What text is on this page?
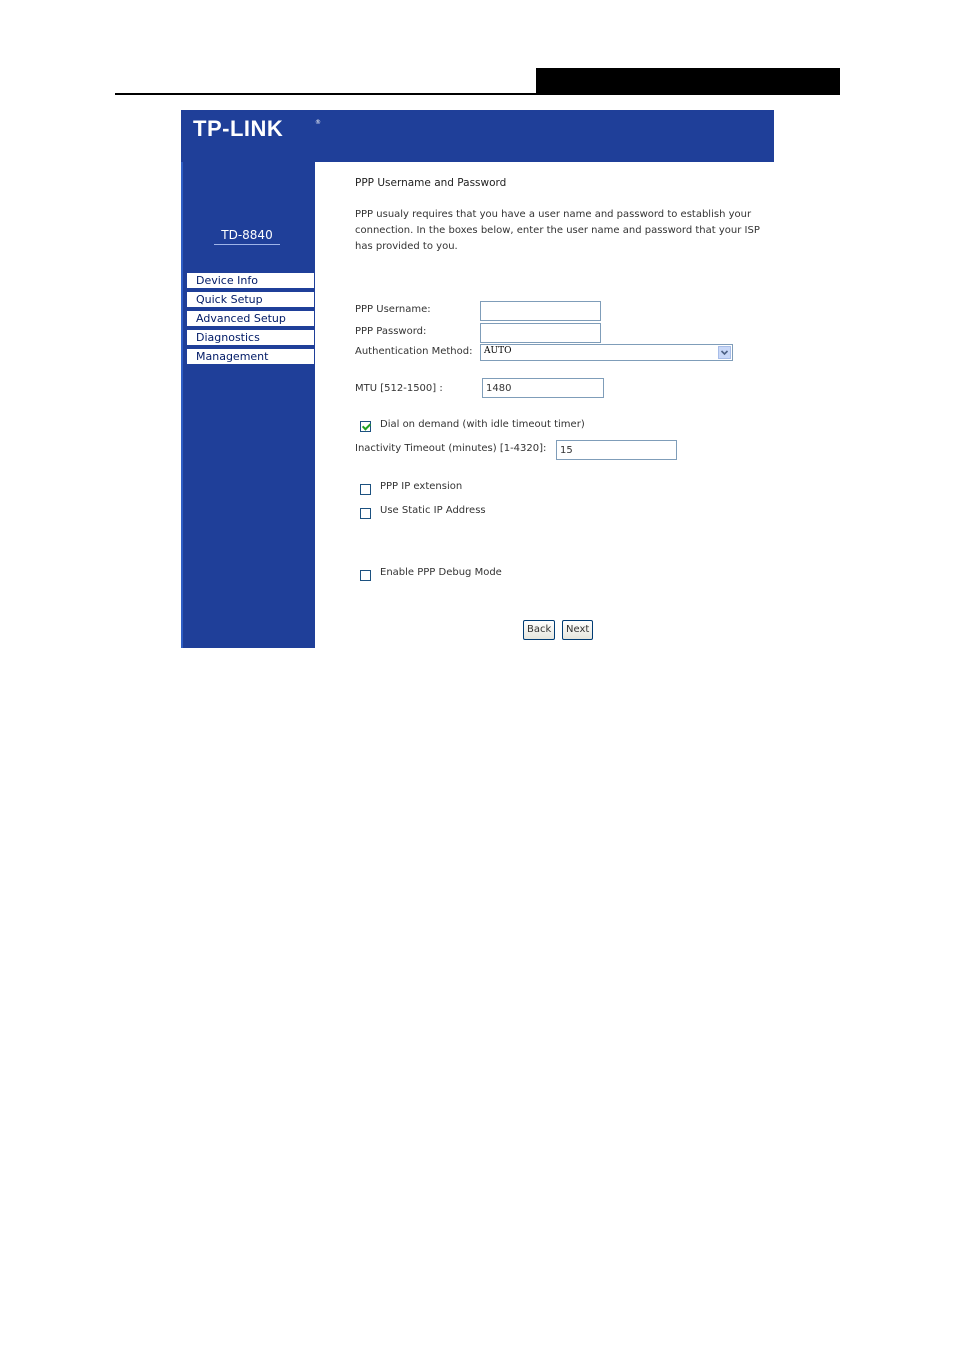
TP-LINK	®
TD-8840
Device Info
Quick Setup
Advanced Setup
Diagnostics
Management
PPP Username and Password
PPP usualy requires that you have a user name and password to establish your connection. In the boxes below, enter the user name and password that your ISP has provided to you.
PPP Username:
PPP Password:
Authentication Method: AUTO
MTU [512-1500] :
1480
Dial on demand (with idle timeout timer)
Inactivity Timeout (minutes) [1-4320]:
15
PPP IP extension
Use Static IP Address
Enable PPP Debug Mode
Back	Next
